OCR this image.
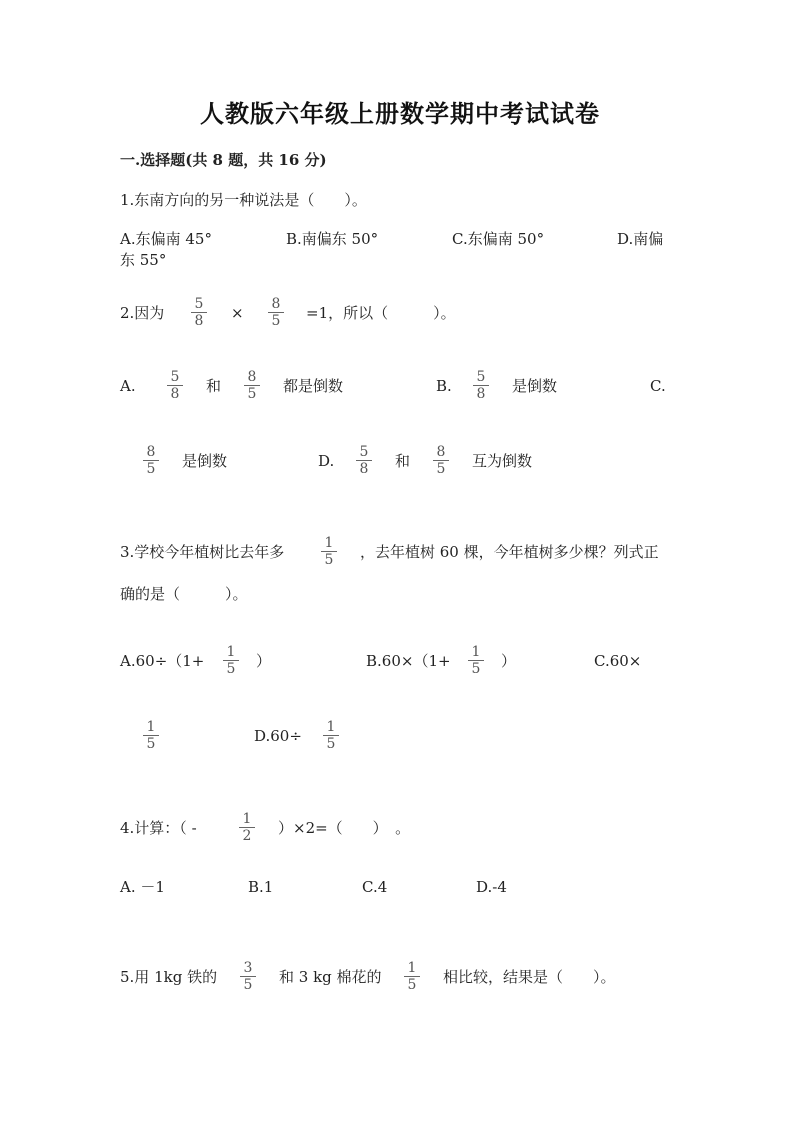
人教版六年级上册数学期中考试试卷
一.选择题(共 8 题，共 16 分)
1.东南方向的另一种说法是（　　）。
A.东偏南 45°	B.南偏东 50°	C.东偏南 50°	D.南偏
东 55°
2.因为	5
8	×	8
5	=1，所以（　　　）。
A.	5
8	和	8
5	都是倒数	B.	5
8	是倒数	C.
8
5	是倒数	D.	5
8	和	8
5	互为倒数
3.学校今年植树比去年多	1
5	，去年植树 60 棵，今年植树多少棵？列式正
确的是（　　　）。
A.60÷（1+	1
5	）	B.60×（1+	1
5	）	C.60×
1
5	D.60÷	1
5
4.计算：（ -	1
2	）×2=（　　）　。
A. －1	B.1	C.4	D.-4
5.用 1kg 铁的	3
5	和 3 kg 棉花的	1
5	相比较，结果是（　　）。
